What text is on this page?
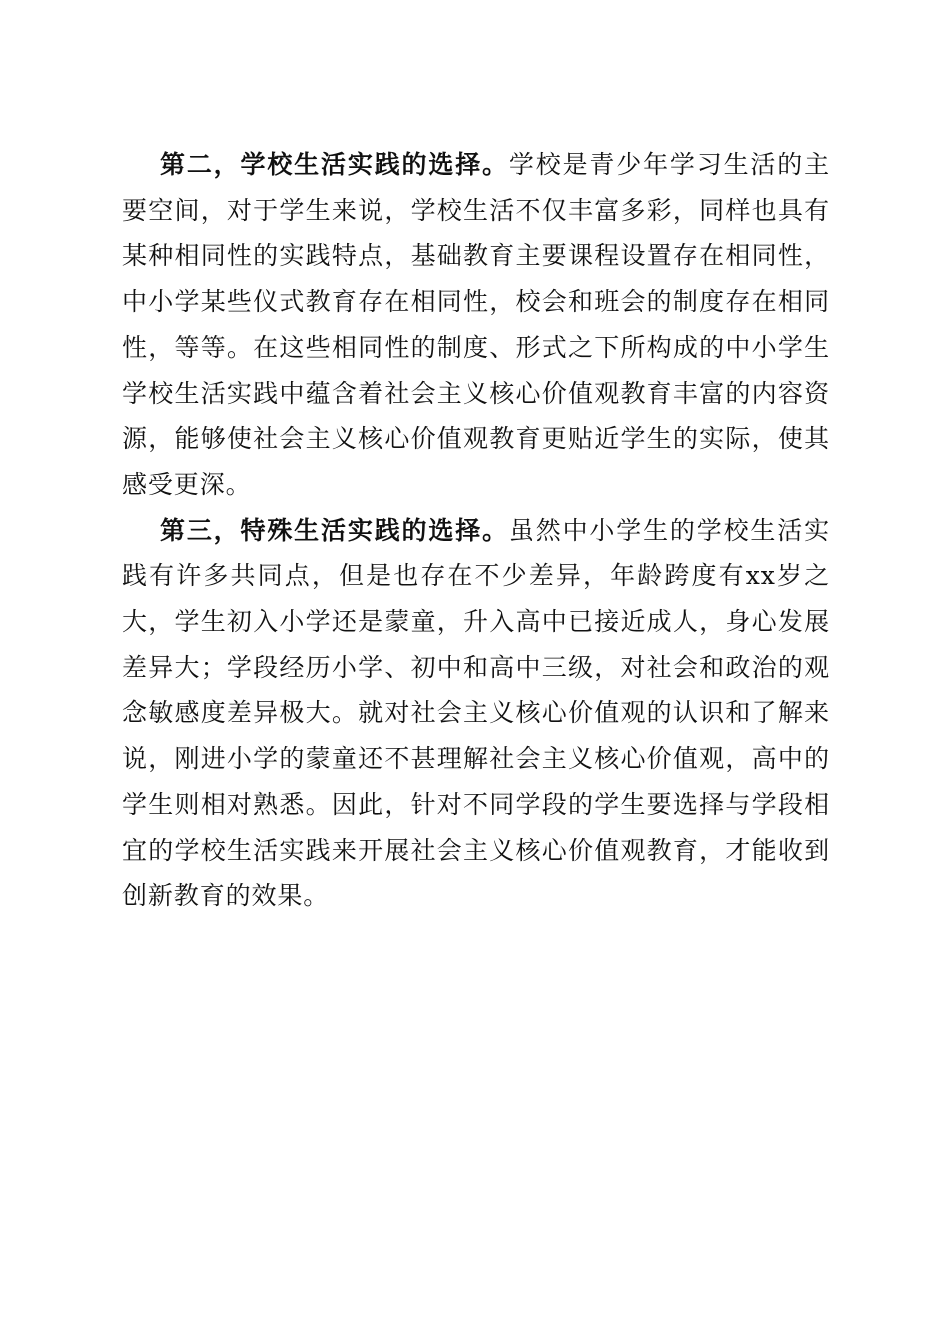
第二，学校生活实践的选择。学校是青少年学习生活的主要空间，对于学生来说，学校生活不仅丰富多彩，同样也具有某种相同性的实践特点，基础教育主要课程设置存在相同性，中小学某些仪式教育存在相同性，校会和班会的制度存在相同性，等等。在这些相同性的制度、形式之下所构成的中小学生学校生活实践中蕴含着社会主义核心价值观教育丰富的内容资源，能够使社会主义核心价值观教育更贴近学生的实际，使其感受更深。

第三，特殊生活实践的选择。虽然中小学生的学校生活实践有许多共同点，但是也存在不少差异，年龄跨度有xx岁之大，学生初入小学还是蒙童，升入高中已接近成人，身心发展差异大；学段经历小学、初中和高中三级，对社会和政治的观念敏感度差异极大。就对社会主义核心价值观的认识和了解来说，刚进小学的蒙童还不甚理解社会主义核心价值观，高中的学生则相对熟悉。因此，针对不同学段的学生要选择与学段相宜的学校生活实践来开展社会主义核心价值观教育，才能收到创新教育的效果。
